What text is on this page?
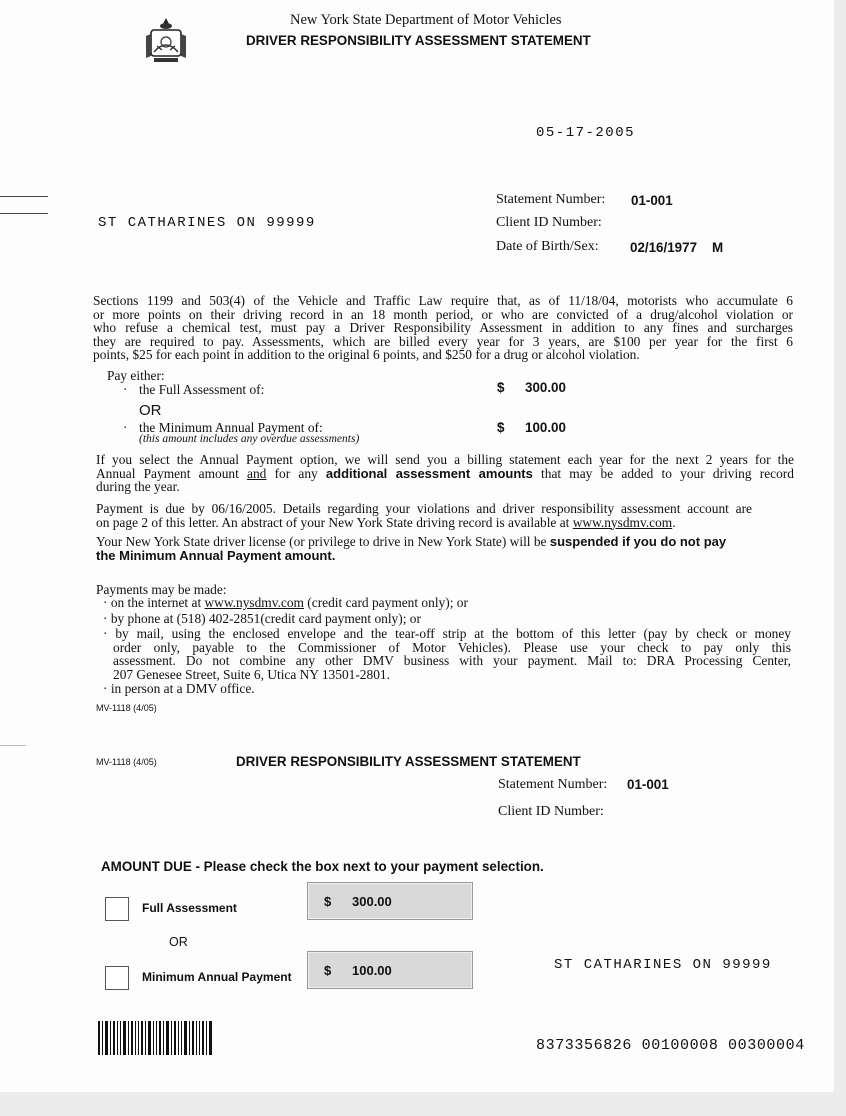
New York State Department of Motor Vehicles
DRIVER RESPONSIBILITY ASSESSMENT STATEMENT
05-17-2005
ST CATHARINES ON 99999
Statement Number: 01-001
Client ID Number:
Date of Birth/Sex: 02/16/1977 M
Sections 1199 and 503(4) of the Vehicle and Traffic Law require that, as of 11/18/04, motorists who accumulate 6
or more points on their driving record in an 18 month period, or who are convicted of a drug/alcohol violation or
who refuse a chemical test, must pay a Driver Responsibility Assessment in addition to any fines and surcharges
they are required to pay. Assessments, which are billed every year for 3 years, are $100 per year for the first 6
points, $25 for each point in addition to the original 6 points, and $250 for a drug or alcohol violation.
Pay either:
· the Full Assessment of:	$ 300.00
OR
· the Minimum Annual Payment of:
(this amount includes any overdue assessments)
$ 100.00
If you select the Annual Payment option, we will send you a billing statement each year for the next 2 years for the
Annual Payment amount and for any additional assessment amounts that may be added to your driving record
during the year.
Payment is due by 06/16/2005. Details regarding your violations and driver responsibility assessment account are
on page 2 of this letter. An abstract of your New York State driving record is available at www.nysdmv.com.
Your New York State driver license (or privilege to drive in New York State) will be suspended if you do not pay
the Minimum Annual Payment amount.
Payments may be made:
· on the internet at www.nysdmv.com (credit card payment only); or
· by phone at (518) 402-2851(credit card payment only); or
· by mail, using the enclosed envelope and the tear-off strip at the bottom of this letter (pay by check or money
order only, payable to the Commissioner of Motor Vehicles). Please use your check to pay only this
assessment. Do not combine any other DMV business with your payment. Mail to: DRA Processing Center,
207 Genesee Street, Suite 6, Utica NY 13501-2801.
· in person at a DMV office.
MV-1118 (4/05)
MV-1118 (4/05)	DRIVER RESPONSIBILITY ASSESSMENT STATEMENT
Statement Number: 01-001
Client ID Number:
AMOUNT DUE - Please check the box next to your payment selection.
Full Assessment	$ 300.00
OR
Minimum Annual Payment $ 100.00	ST CATHARINES ON 99999
8373356826 00100008 00300004
